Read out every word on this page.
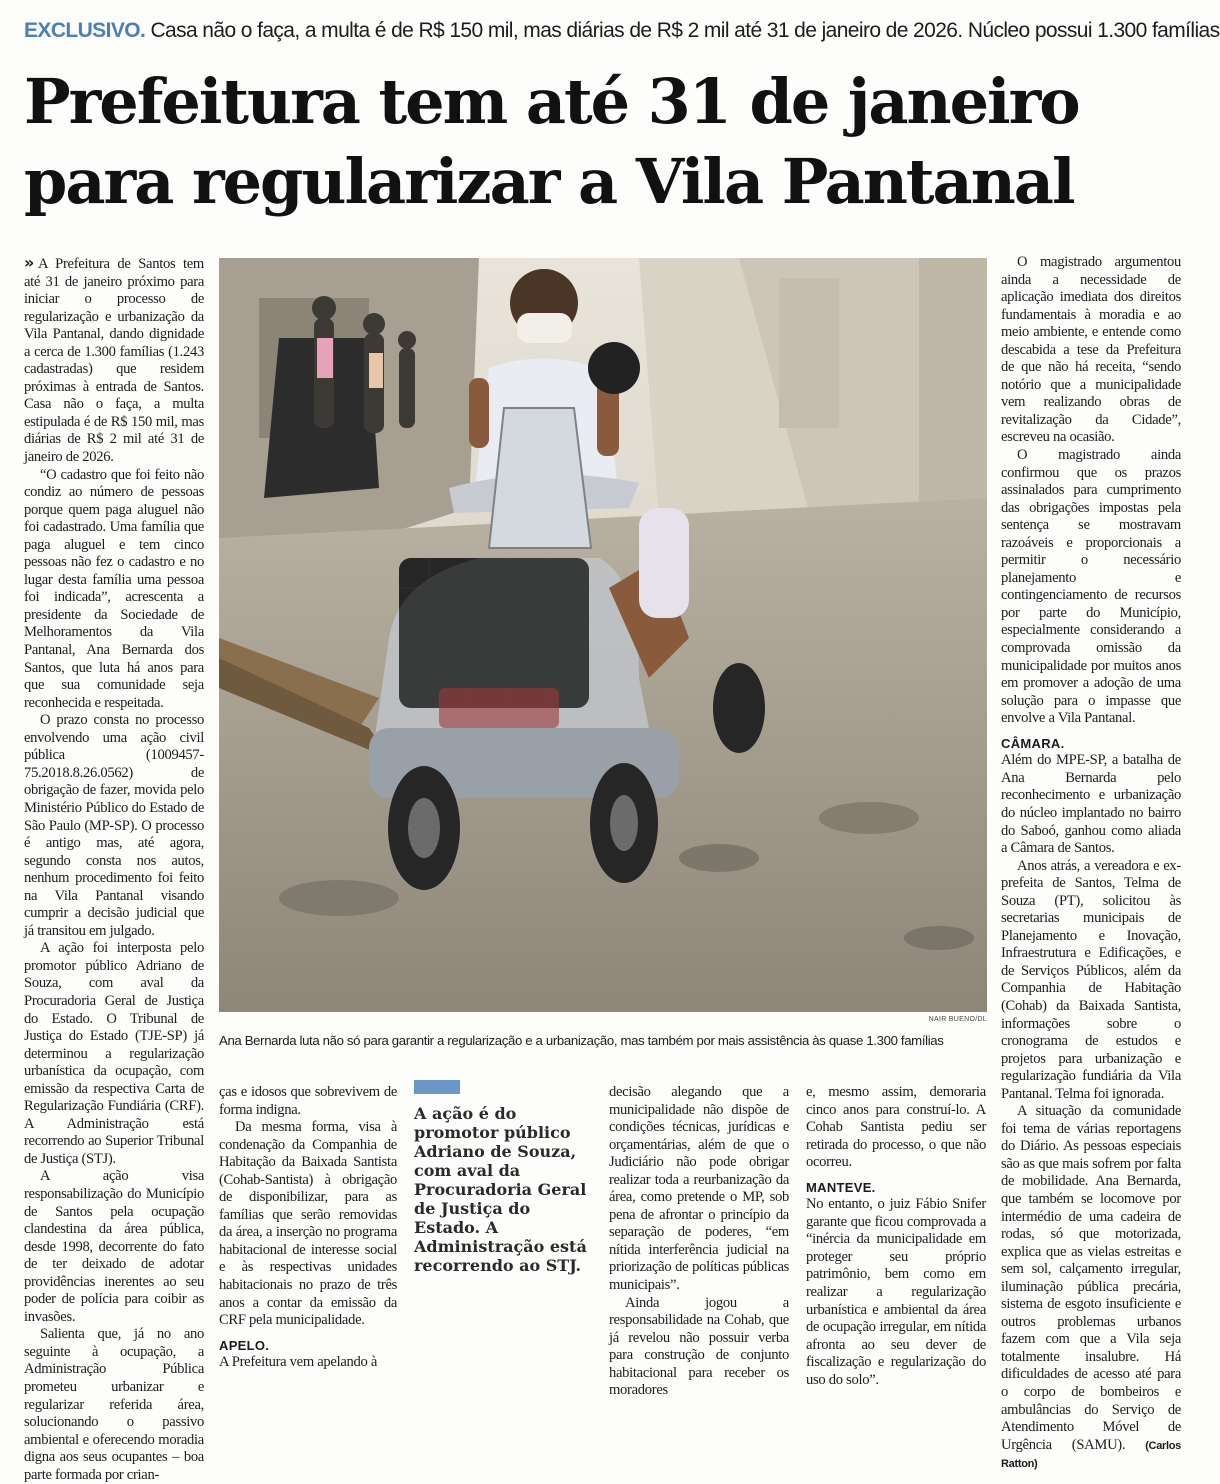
EXCLUSIVO. Casa não o faça, a multa é de R$ 150 mil, mas diárias de R$ 2 mil até 31 de janeiro de 2026. Núcleo possui 1.300 famílias
Prefeitura tem até 31 de janeiro
para regularizar a Vila Pantanal

» A Prefeitura de Santos tem até 31 de janeiro próximo para iniciar o processo de regularização e urbanização da Vila Pantanal, dando dignidade a cerca de 1.300 famílias (1.243 cadastradas) que residem próximas à entrada de Santos. Casa não o faça, a multa estipulada é de R$ 150 mil, mas diárias de R$ 2 mil até 31 de janeiro de 2026.

“O cadastro que foi feito não condiz ao número de pessoas porque quem paga aluguel não foi cadastrado. Uma família que paga aluguel e tem cinco pessoas não fez o cadastro e no lugar desta família uma pessoa foi indicada”, acrescenta a presidente da Sociedade de Melhoramentos da Vila Pantanal, Ana Bernarda dos Santos, que luta há anos para que sua comunidade seja reconhecida e respeitada.

O prazo consta no processo envolvendo uma ação civil pública (1009457-75.2018.8.26.0562) de obrigação de fazer, movida pelo Ministério Público do Estado de São Paulo (MP-SP). O processo é antigo mas, até agora, segundo consta nos autos, nenhum procedimento foi feito na Vila Pantanal visando cumprir a decisão judicial que já transitou em julgado.

A ação foi interposta pelo promotor público Adriano de Souza, com aval da Procuradoria Geral de Justiça do Estado. O Tribunal de Justiça do Estado (TJE-SP) já determinou a regularização urbanística da ocupação, com emissão da respectiva Carta de Regularização Fundiária (CRF). A Administração está recorrendo ao Superior Tribunal de Justiça (STJ).

A ação visa responsabilização do Município de Santos pela ocupação clandestina da área pública, desde 1998, decorrente do fato de ter deixado de adotar providências inerentes ao seu poder de polícia para coibir as invasões.

Salienta que, já no ano seguinte à ocupação, a Administração Pública prometeu urbanizar e regularizar referida área, solucionando o passivo ambiental e oferecendo moradia digna aos seus ocupantes – boa parte formada por crian-

NAIR BUENO/DL
Ana Bernarda luta não só para garantir a regularização e a urbanização, mas também por mais assistência às quase 1.300 famílias

ças e idosos que sobrevivem de forma indigna.

Da mesma forma, visa à condenação da Companhia de Habitação da Baixada Santista (Cohab-Santista) à obrigação de disponibilizar, para as famílias que serão removidas da área, a inserção no programa habitacional de interesse social e às respectivas unidades habitacionais no prazo de três anos a contar da emissão da CRF pela municipalidade.

APELO.

A Prefeitura vem apelando à

A ação é do promotor público Adriano de Souza, com aval da Procuradoria Geral de Justiça do Estado. A Administração está recorrendo ao STJ.

decisão alegando que a municipalidade não dispõe de condições técnicas, jurídicas e orçamentárias, além de que o Judiciário não pode obrigar realizar toda a reurbanização da área, como pretende o MP, sob pena de afrontar o princípio da separação de poderes, “em nítida interferência judicial na priorização de políticas públicas municipais”.

Ainda jogou a responsabilidade na Cohab, que já revelou não possuir verba para construção de conjunto habitacional para receber os moradores

e, mesmo assim, demoraria cinco anos para construí-lo. A Cohab Santista pediu ser retirada do processo, o que não ocorreu.

MANTEVE.

No entanto, o juiz Fábio Snifer garante que ficou comprovada a “inércia da municipalidade em proteger seu próprio patrimônio, bem como em realizar a regularização urbanística e ambiental da área de ocupação irregular, em nítida afronta ao seu dever de fiscalização e regularização do uso do solo”.

O magistrado argumentou ainda a necessidade de aplicação imediata dos direitos fundamentais à moradia e ao meio ambiente, e entende como descabida a tese da Prefeitura de que não há receita, “sendo notório que a municipalidade vem realizando obras de revitalização da Cidade”, escreveu na ocasião.

O magistrado ainda confirmou que os prazos assinalados para cumprimento das obrigações impostas pela sentença se mostravam razoáveis e proporcionais a permitir o necessário planejamento e contingenciamento de recursos por parte do Município, especialmente considerando a comprovada omissão da municipalidade por muitos anos em promover a adoção de uma solução para o impasse que envolve a Vila Pantanal.

CÂMARA.

Além do MPE-SP, a batalha de Ana Bernarda pelo reconhecimento e urbanização do núcleo implantado no bairro do Saboó, ganhou como aliada a Câmara de Santos.

Anos atrás, a vereadora e ex-prefeita de Santos, Telma de Souza (PT), solicitou às secretarias municipais de Planejamento e Inovação, Infraestrutura e Edificações, e de Serviços Públicos, além da Companhia de Habitação (Cohab) da Baixada Santista, informações sobre o cronograma de estudos e projetos para urbanização e regularização fundiária da Vila Pantanal. Telma foi ignorada.

A situação da comunidade foi tema de várias reportagens do Diário. As pessoas especiais são as que mais sofrem por falta de mobilidade. Ana Bernarda, que também se locomove por intermédio de uma cadeira de rodas, só que motorizada, explica que as vielas estreitas e sem sol, calçamento irregular, iluminação pública precária, sistema de esgoto insuficiente e outros problemas urbanos fazem com que a Vila seja totalmente insalubre. Há dificuldades de acesso até para o corpo de bombeiros e ambulâncias do Serviço de Atendimento Móvel de Urgência (SAMU). (Carlos Ratton)
